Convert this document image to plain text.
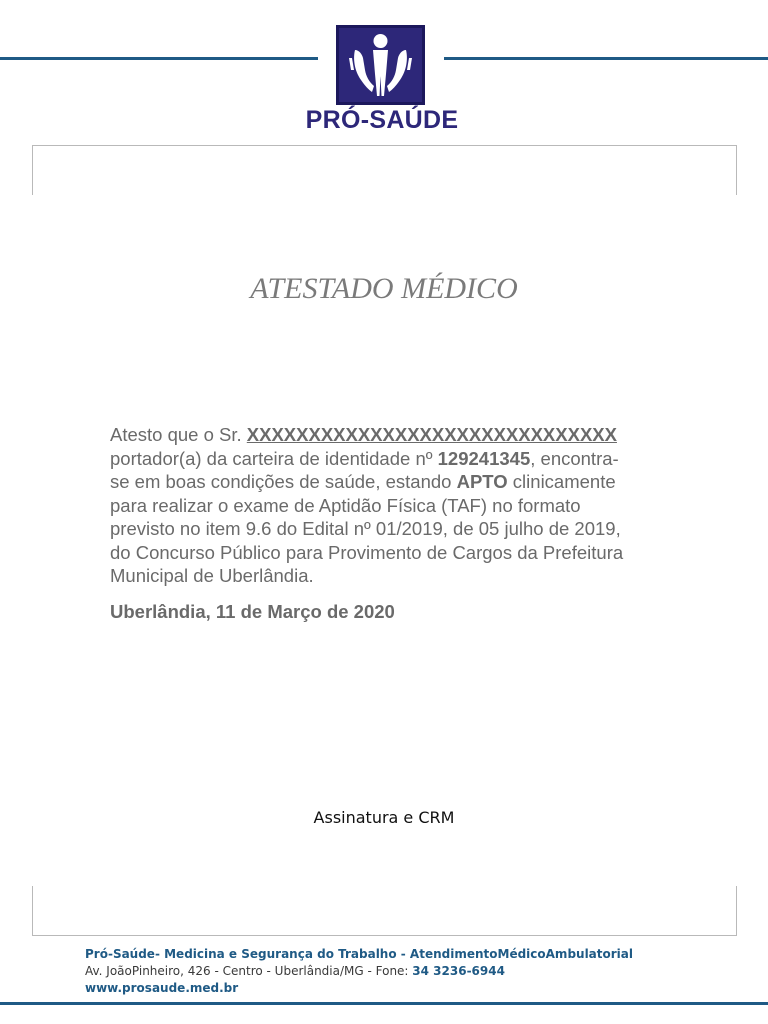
PRÓ-SAÚDE
ATESTADO MÉDICO
Atesto que o Sr. XXXXXXXXXXXXXXXXXXXXXXXXXXXXXX
portador(a) da carteira de identidade nº 129241345, encontra-
se em boas condições de saúde, estando APTO clinicamente
para realizar o exame de Aptidão Física (TAF) no formato
previsto no item 9.6 do Edital nº 01/2019, de 05 julho de 2019,
do Concurso Público para Provimento de Cargos da Prefeitura
Municipal de Uberlândia.
Uberlândia, 11 de Março de 2020
Assinatura e CRM
Pró-Saúde- Medicina e Segurança do Trabalho - AtendimentoMédicoAmbulatorial
Av. JoãoPinheiro, 426 - Centro - Uberlândia/MG - Fone: 34 3236-6944
www.prosaude.med.br
